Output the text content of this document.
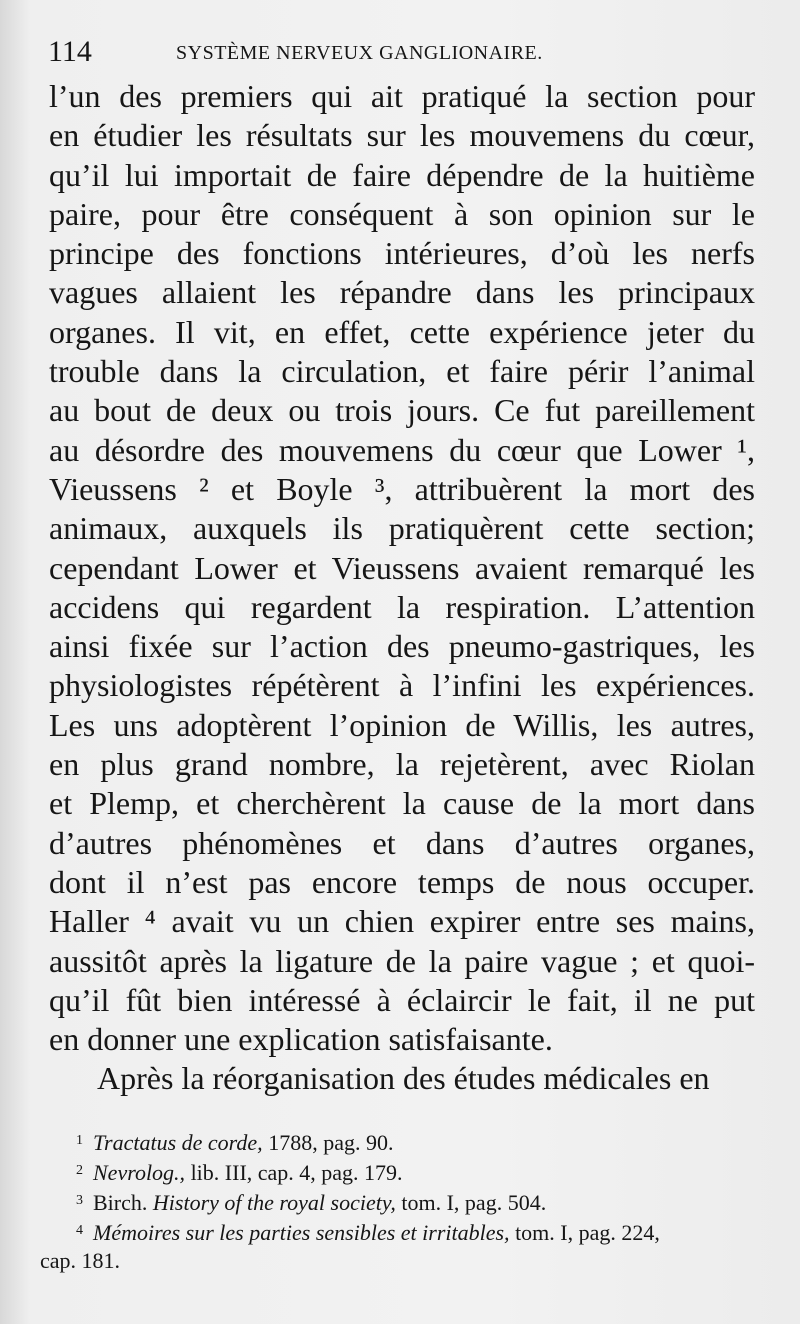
114	SYSTÈME NERVEUX GANGLIONAIRE.
l’un des premiers qui ait pratiqué la section pour
en étudier les résultats sur les mouvemens du cœur,
qu’il lui importait de faire dépendre de la huitième
paire, pour être conséquent à son opinion sur le
principe des fonctions intérieures, d’où les nerfs
vagues allaient les répandre dans les principaux
organes. Il vit, en effet, cette expérience jeter du
trouble dans la circulation, et faire périr l’animal
au bout de deux ou trois jours. Ce fut pareillement
au désordre des mouvemens du cœur que Lower ¹,
Vieussens ² et Boyle ³, attribuèrent la mort des
animaux, auxquels ils pratiquèrent cette section;
cependant Lower et Vieussens avaient remarqué les
accidens qui regardent la respiration. L’attention
ainsi fixée sur l’action des pneumo-gastriques, les
physiologistes répétèrent à l’infini les expériences.
Les uns adoptèrent l’opinion de Willis, les autres,
en plus grand nombre, la rejetèrent, avec Riolan
et Plemp, et cherchèrent la cause de la mort dans
d’autres phénomènes et dans d’autres organes,
dont il n’est pas encore temps de nous occuper.
Haller ⁴ avait vu un chien expirer entre ses mains,
aussitôt après la ligature de la paire vague ; et quoi-
qu’il fût bien intéressé à éclaircir le fait, il ne put
en donner une explication satisfaisante.
Après la réorganisation des études médicales en
$^1$ Tractatus de corde, 1788, pag. 90.
$^2$ Nevrolog., lib. III, cap. 4, pag. 179.
$^3$ Birch. History of the royal society, tom. I, pag. 504.
$^4$ Mémoires sur les parties sensibles et irritables, tom. I, pag. 224,
cap. 181.
